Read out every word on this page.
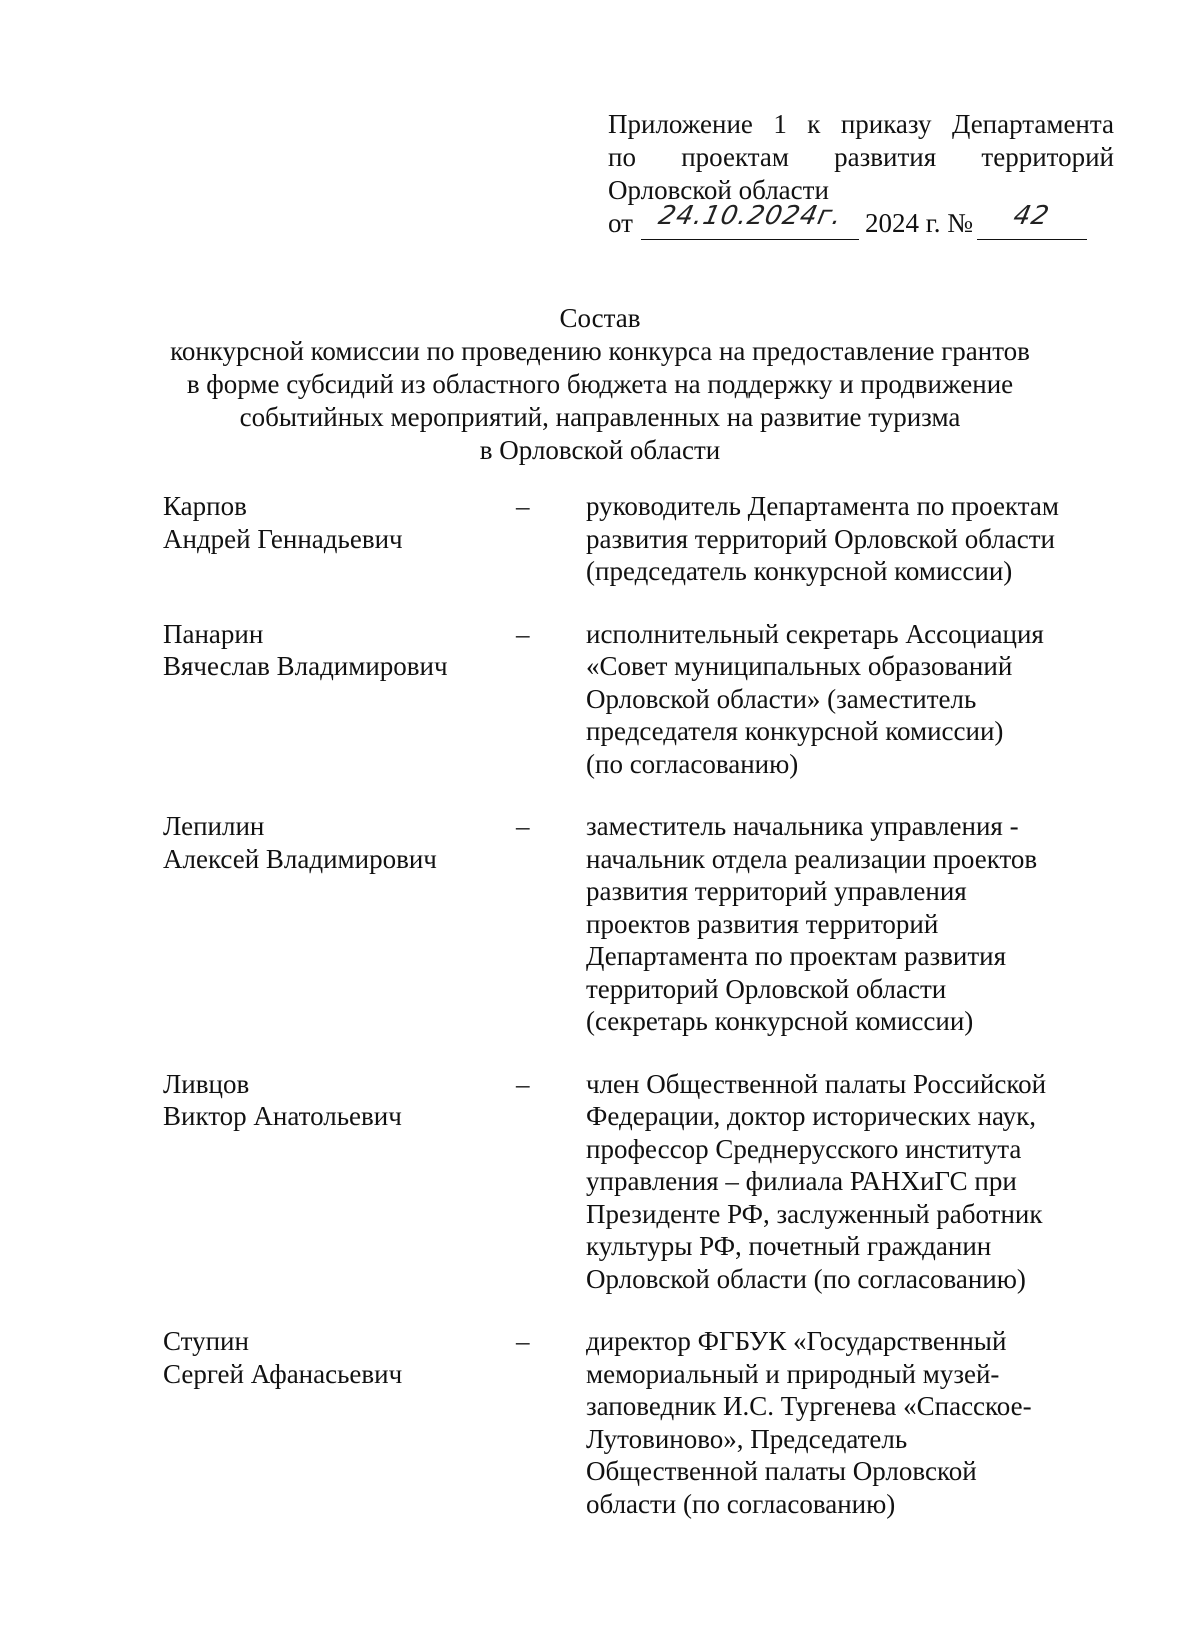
Приложение 1 к приказу Департамента
по проектам развития территорий
Орловской области
от 24.10.2024г. 2024 г. №	42
Состав
конкурсной комиссии по проведению конкурса на предоставление грантов
в форме субсидий из областного бюджета на поддержку и продвижение
событийных мероприятий, направленных на развитие туризма
в Орловской области
Карпов
Андрей Геннадьевич
–	руководитель Департамента по проектам
развития территорий Орловской области
(председатель конкурсной комиссии)
Панарин
Вячеслав Владимирович
–	исполнительный секретарь Ассоциация
«Совет муниципальных образований
Орловской области» (заместитель
председателя конкурсной комиссии)
(по согласованию)
Лепилин
Алексей Владимирович
–	заместитель начальника управления -
начальник отдела реализации проектов
развития территорий управления
проектов развития территорий
Департамента по проектам развития
территорий Орловской области
(секретарь конкурсной комиссии)
Ливцов
Виктор Анатольевич
–	член Общественной палаты Российской
Федерации, доктор исторических наук,
профессор Среднерусского института
управления – филиала РАНХиГС при
Президенте РФ, заслуженный работник
культуры РФ, почетный гражданин
Орловской области (по согласованию)
Ступин
Сергей Афанасьевич
–	директор ФГБУК «Государственный
мемориальный и природный музей-
заповедник И.С. Тургенева «Спасское-
Лутовиново», Председатель
Общественной палаты Орловской
области (по согласованию)
